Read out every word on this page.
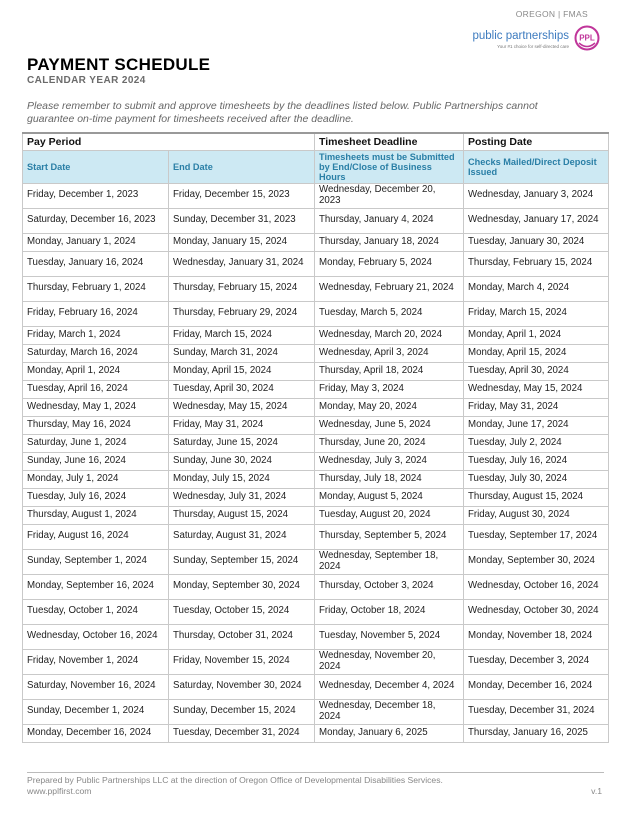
OREGON | FMAS
public partnerships
Your #1 choice for self-directed care
PPL
PAYMENT SCHEDULE
CALENDAR YEAR 2024
Please remember to submit and approve timesheets by the deadlines listed below. Public Partnerships cannot guarantee on-time payment for timesheets received after the deadline.
Pay Period		Timesheet Deadline	Posting Date
Start Date	End Date	Timesheets must be Submitted by End/Close of Business Hours	Checks Mailed/Direct Deposit Issued
Friday, December 1, 2023	Friday, December 15, 2023	Wednesday, December 20, 2023	Wednesday, January 3, 2024
Saturday, December 16, 2023	Sunday, December 31, 2023	Thursday, January 4, 2024	Wednesday, January 17, 2024
Monday, January 1, 2024	Monday, January 15, 2024	Thursday, January 18, 2024	Tuesday, January 30, 2024
Tuesday, January 16, 2024	Wednesday, January 31, 2024	Monday, February 5, 2024	Thursday, February 15, 2024
Thursday, February 1, 2024	Thursday, February 15, 2024	Wednesday, February 21, 2024	Monday, March 4, 2024
Friday, February 16, 2024	Thursday, February 29, 2024	Tuesday, March 5, 2024	Friday, March 15, 2024
Friday, March 1, 2024	Friday, March 15, 2024	Wednesday, March 20, 2024	Monday, April 1, 2024
Saturday, March 16, 2024	Sunday, March 31, 2024	Wednesday, April 3, 2024	Monday, April 15, 2024
Monday, April 1, 2024	Monday, April 15, 2024	Thursday, April 18, 2024	Tuesday, April 30, 2024
Tuesday, April 16, 2024	Tuesday, April 30, 2024	Friday, May 3, 2024	Wednesday, May 15, 2024
Wednesday, May 1, 2024	Wednesday, May 15, 2024	Monday, May 20, 2024	Friday, May 31, 2024
Thursday, May 16, 2024	Friday, May 31, 2024	Wednesday, June 5, 2024	Monday, June 17, 2024
Saturday, June 1, 2024	Saturday, June 15, 2024	Thursday, June 20, 2024	Tuesday, July 2, 2024
Sunday, June 16, 2024	Sunday, June 30, 2024	Wednesday, July 3, 2024	Tuesday, July 16, 2024
Monday, July 1, 2024	Monday, July 15, 2024	Thursday, July 18, 2024	Tuesday, July 30, 2024
Tuesday, July 16, 2024	Wednesday, July 31, 2024	Monday, August 5, 2024	Thursday, August 15, 2024
Thursday, August 1, 2024	Thursday, August 15, 2024	Tuesday, August 20, 2024	Friday, August 30, 2024
Friday, August 16, 2024	Saturday, August 31, 2024	Thursday, September 5, 2024	Tuesday, September 17, 2024
Sunday, September 1, 2024	Sunday, September 15, 2024	Wednesday, September 18, 2024	Monday, September 30, 2024
Monday, September 16, 2024	Monday, September 30, 2024	Thursday, October 3, 2024	Wednesday, October 16, 2024
Tuesday, October 1, 2024	Tuesday, October 15, 2024	Friday, October 18, 2024	Wednesday, October 30, 2024
Wednesday, October 16, 2024	Thursday, October 31, 2024	Tuesday, November 5, 2024	Monday, November 18, 2024
Friday, November 1, 2024	Friday, November 15, 2024	Wednesday, November 20, 2024	Tuesday, December 3, 2024
Saturday, November 16, 2024	Saturday, November 30, 2024	Wednesday, December 4, 2024	Monday, December 16, 2024
Sunday, December 1, 2024	Sunday, December 15, 2024	Wednesday, December 18, 2024	Tuesday, December 31, 2024
Monday, December 16, 2024	Tuesday, December 31, 2024	Monday, January 6, 2025	Thursday, January 16, 2025
Prepared by Public Partnerships LLC at the direction of Oregon Office of Developmental Disabilities Services.
www.pplfirst.com	v.1
